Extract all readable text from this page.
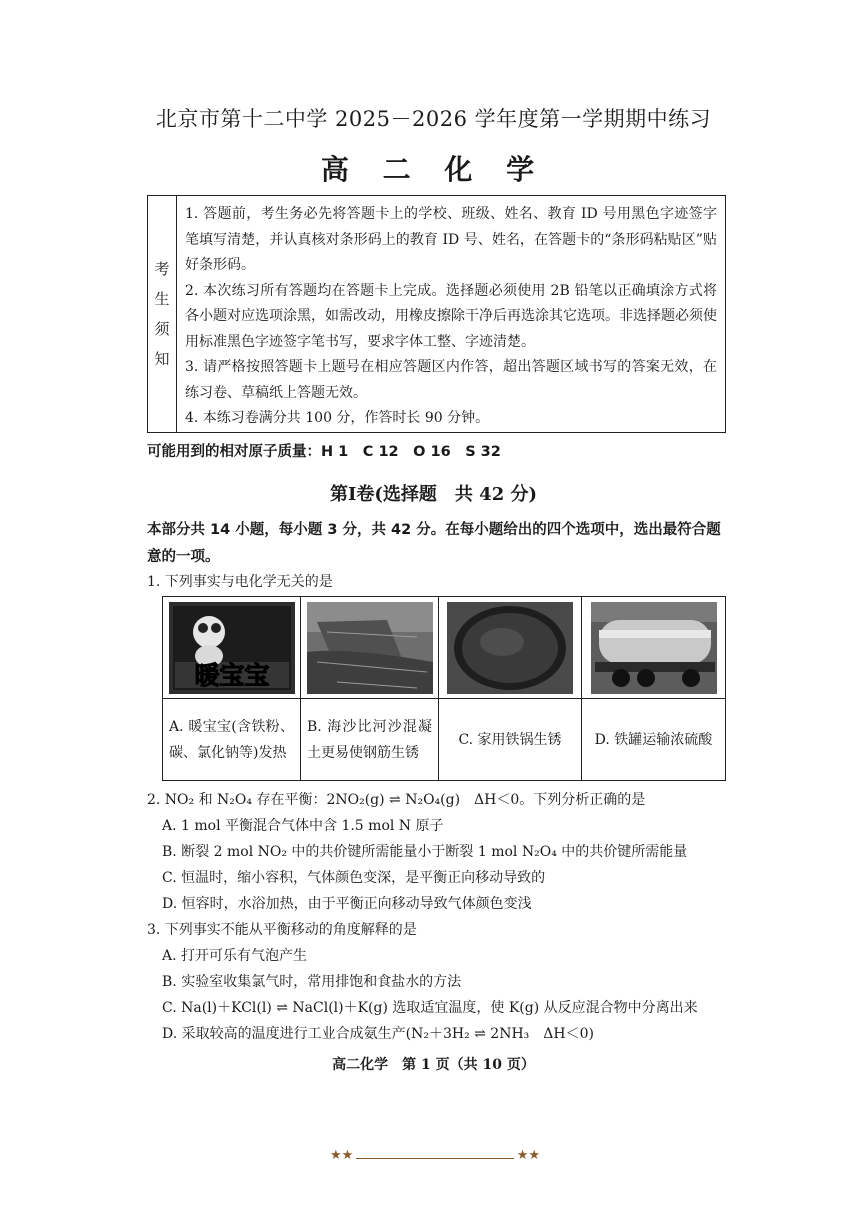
北京市第十二中学 2025－2026 学年度第一学期期中练习
高 二 化 学
考
生
须
知

1. 答题前，考生务必先将答题卡上的学校、班级、姓名、教育 ID 号用黑色字迹签字笔填写清楚，并认真核对条形码上的教育 ID 号、姓名，在答题卡的“条形码粘贴区”贴好条形码。

2. 本次练习所有答题均在答题卡上完成。选择题必须使用 2B 铅笔以正确填涂方式将各小题对应选项涂黑，如需改动，用橡皮擦除干净后再选涂其它选项。非选择题必须使用标准黑色字迹签字笔书写，要求字体工整、字迹清楚。

3. 请严格按照答题卡上题号在相应答题区内作答，超出答题区域书写的答案无效，在练习卷、草稿纸上答题无效。

4. 本练习卷满分共 100 分，作答时长 90 分钟。

可能用到的相对原子质量：H 1　C 12　O 16　S 32
第Ⅰ卷(选择题　共 42 分)
本部分共 14 小题，每小题 3 分，共 42 分。在每小题给出的四个选项中，选出最符合题意的一项。
1. 下列事实与电化学无关的是
暖宝宝
A. 暖宝宝(含铁粉、碳、氯化钠等)发热
B. 海沙比河沙混凝土更易使钢筋生锈
C. 家用铁锅生锈	D. 铁罐运输浓硫酸
2. NO₂ 和 N₂O₄ 存在平衡：2NO₂(g) ⇌ N₂O₄(g)　ΔH＜0。下列分析正确的是
A. 1 mol 平衡混合气体中含 1.5 mol N 原子
B. 断裂 2 mol NO₂ 中的共价键所需能量小于断裂 1 mol N₂O₄ 中的共价键所需能量
C. 恒温时，缩小容积，气体颜色变深，是平衡正向移动导致的
D. 恒容时，水浴加热，由于平衡正向移动导致气体颜色变浅
3. 下列事实不能从平衡移动的角度解释的是
A. 打开可乐有气泡产生
B. 实验室收集氯气时，常用排饱和食盐水的方法
C. Na(l)＋KCl(l) ⇌ NaCl(l)＋K(g) 选取适宜温度，使 K(g) 从反应混合物中分离出来
D. 采取较高的温度进行工业合成氨生产(N₂＋3H₂ ⇌ 2NH₃　ΔH＜0)
高二化学　第 1 页（共 10 页）
★★	★★
